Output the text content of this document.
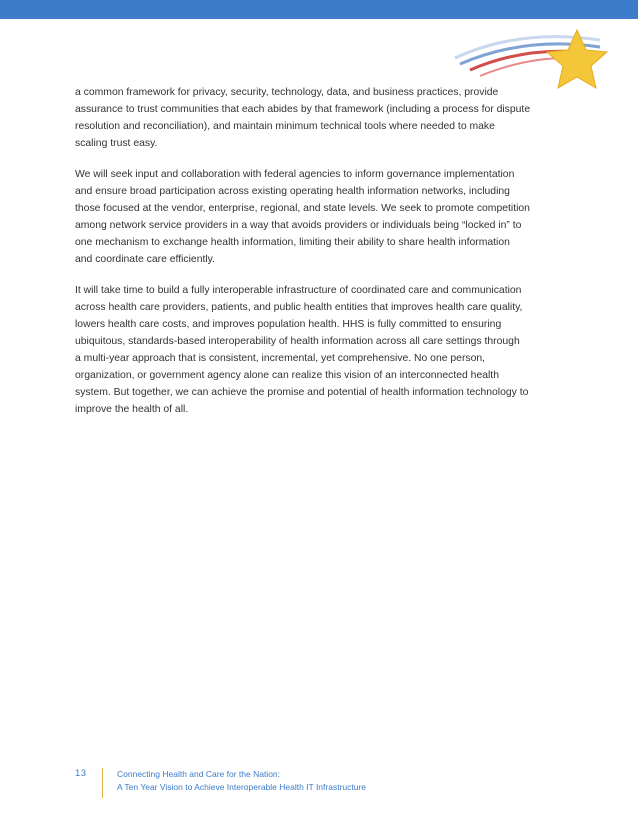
a common framework for privacy, security, technology, data, and business practices, provide
assurance to trust communities that each abides by that framework (including a process for dispute
resolution and reconciliation), and maintain minimum technical tools where needed to make
scaling trust easy.

We will seek input and collaboration with federal agencies to inform governance implementation
and ensure broad participation across existing operating health information networks, including
those focused at the vendor, enterprise, regional, and state levels. We seek to promote competition
among network service providers in a way that avoids providers or individuals being “locked in” to
one mechanism to exchange health information, limiting their ability to share health information
and coordinate care efficiently.

It will take time to build a fully interoperable infrastructure of coordinated care and communication
across health care providers, patients, and public health entities that improves health care quality,
lowers health care costs, and improves population health. HHS is fully committed to ensuring
ubiquitous, standards-based interoperability of health information across all care settings through
a multi-year approach that is consistent, incremental, yet comprehensive. No one person,
organization, or government agency alone can realize this vision of an interconnected health
system. But together, we can achieve the promise and potential of health information technology to
improve the health of all.

13	Connecting Health and Care for the Nation:
A Ten Year Vision to Achieve Interoperable Health IT Infrastructure
